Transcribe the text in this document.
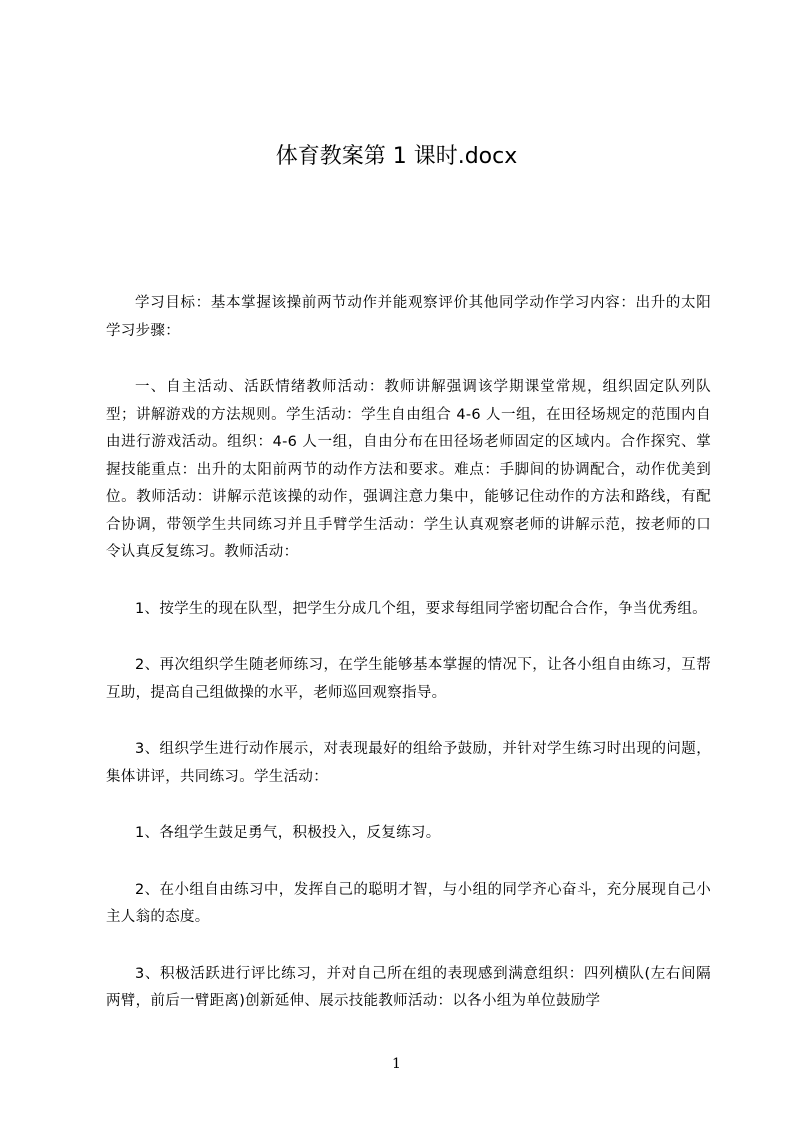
体育教案第 1 课时.docx

学习目标：基本掌握该操前两节动作并能观察评价其他同学动作学习内容：出升的太阳学习步骤：

一、自主活动、活跃情绪教师活动：教师讲解强调该学期课堂常规，组织固定队列队型；讲解游戏的方法规则。学生活动：学生自由组合 4-6 人一组，在田径场规定的范围内自由进行游戏活动。组织：4-6 人一组，自由分布在田径场老师固定的区域内。合作探究、掌握技能重点：出升的太阳前两节的动作方法和要求。难点：手脚间的协调配合，动作优美到位。教师活动：讲解示范该操的动作，强调注意力集中，能够记住动作的方法和路线，有配合协调，带领学生共同练习并且手臂学生活动：学生认真观察老师的讲解示范，按老师的口令认真反复练习。教师活动：

1、按学生的现在队型，把学生分成几个组，要求每组同学密切配合合作，争当优秀组。

2、再次组织学生随老师练习，在学生能够基本掌握的情况下，让各小组自由练习，互帮互助，提高自己组做操的水平，老师巡回观察指导。

3、组织学生进行动作展示，对表现最好的组给予鼓励，并针对学生练习时出现的问题，集体讲评，共同练习。学生活动：

1、各组学生鼓足勇气，积极投入，反复练习。

2、在小组自由练习中，发挥自己的聪明才智，与小组的同学齐心奋斗，充分展现自己小主人翁的态度。

3、积极活跃进行评比练习，并对自己所在组的表现感到满意组织：四列横队(左右间隔两臂，前后一臂距离)创新延伸、展示技能教师活动：以各小组为单位鼓励学

1
